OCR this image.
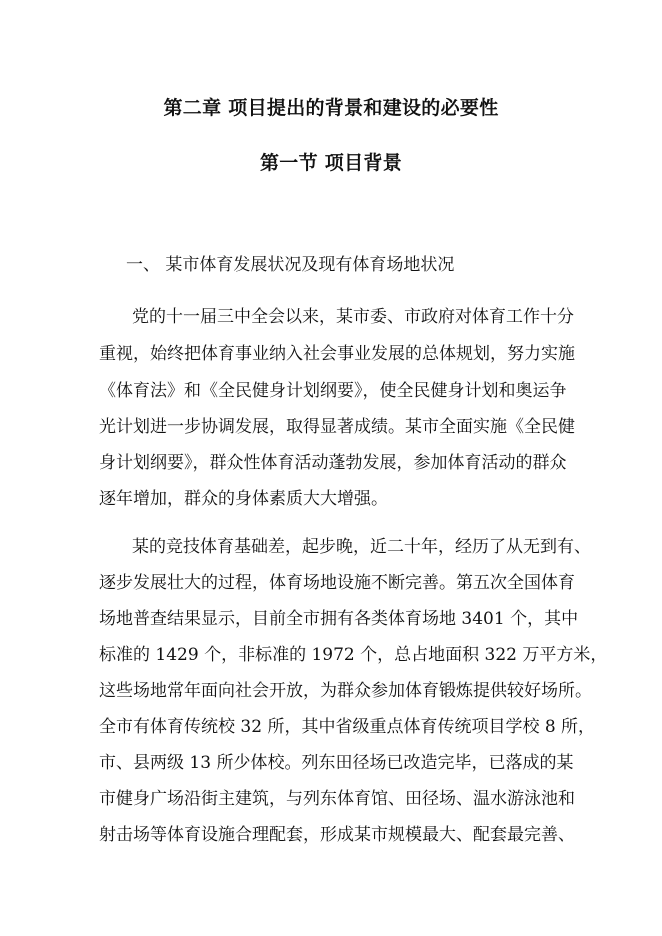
第二章 项目提出的背景和建设的必要性
第一节 项目背景
一、 某市体育发展状况及现有体育场地状况
党的十一届三中全会以来，某市委、市政府对体育工作十分
重视，始终把体育事业纳入社会事业发展的总体规划，努力实施
《体育法》和《全民健身计划纲要》，使全民健身计划和奥运争
光计划进一步协调发展，取得显著成绩。某市全面实施《全民健
身计划纲要》，群众性体育活动蓬勃发展，参加体育活动的群众
逐年增加，群众的身体素质大大增强。
某的竞技体育基础差，起步晚，近二十年，经历了从无到有、
逐步发展壮大的过程，体育场地设施不断完善。第五次全国体育
场地普查结果显示，目前全市拥有各类体育场地 3401 个，其中
标准的 1429 个，非标准的 1972 个，总占地面积 322 万平方米，
这些场地常年面向社会开放，为群众参加体育锻炼提供较好场所。
全市有体育传统校 32 所，其中省级重点体育传统项目学校 8 所，
市、县两级 13 所少体校。列东田径场已改造完毕，已落成的某
市健身广场沿街主建筑，与列东体育馆、田径场、温水游泳池和
射击场等体育设施合理配套，形成某市规模最大、配套最完善、
